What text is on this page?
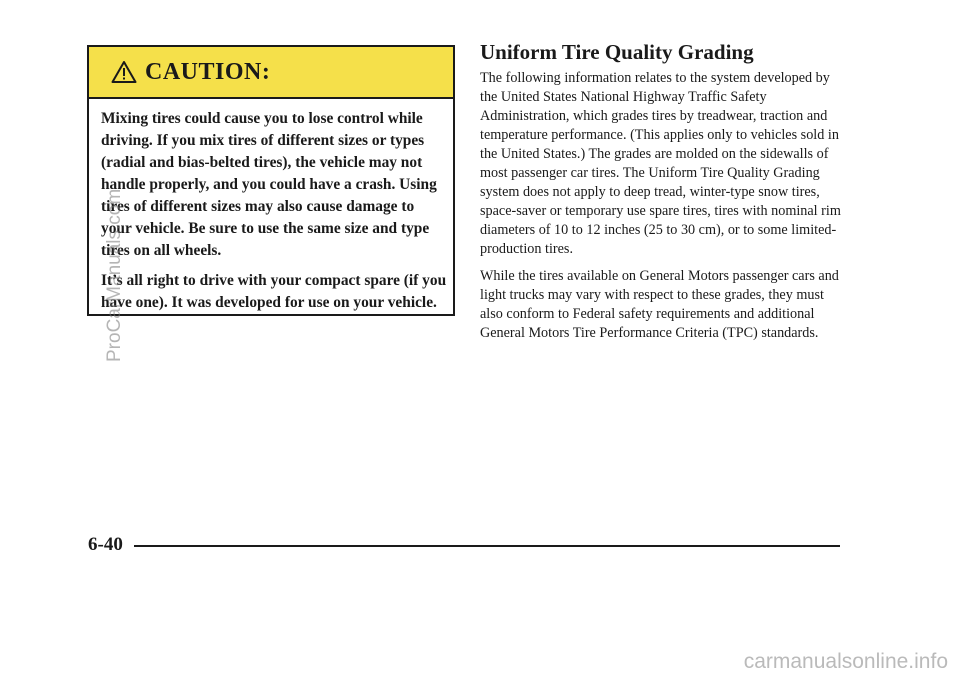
CAUTION:

Mixing tires could cause you to lose control while driving. If you mix tires of different sizes or types (radial and bias-belted tires), the vehicle may not handle properly, and you could have a crash. Using tires of different sizes may also cause damage to your vehicle. Be sure to use the same size and type tires on all wheels.

It’s all right to drive with your compact spare (if you have one). It was developed for use on your vehicle.

Uniform Tire Quality Grading

The following information relates to the system developed by the United States National Highway Traffic Safety Administration, which grades tires by treadwear, traction and temperature performance. (This applies only to vehicles sold in the United States.) The grades are molded on the sidewalls of most passenger car tires. The Uniform Tire Quality Grading system does not apply to deep tread, winter-type snow tires, space-saver or temporary use spare tires, tires with nominal rim diameters of 10 to 12 inches (25 to 30 cm), or to some limited-production tires.

While the tires available on General Motors passenger cars and light trucks may vary with respect to these grades, they must also conform to Federal safety requirements and additional General Motors Tire Performance Criteria (TPC) standards.

6-40
ProCarManuals.com
carmanualsonline.info
